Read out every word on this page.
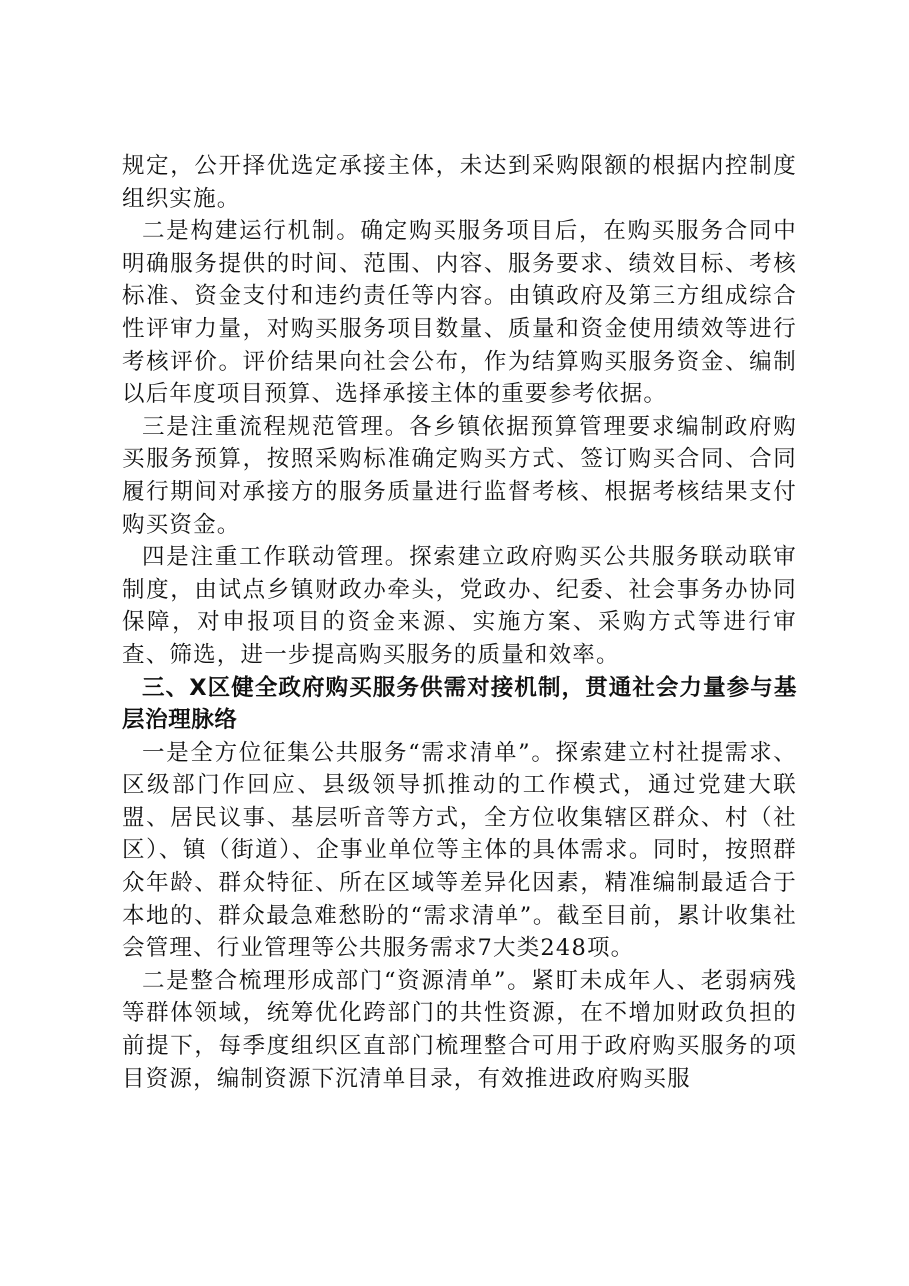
规定，公开择优选定承接主体，未达到采购限额的根据内控制度组织实施。

二是构建运行机制。确定购买服务项目后，在购买服务合同中明确服务提供的时间、范围、内容、服务要求、绩效目标、考核标准、资金支付和违约责任等内容。由镇政府及第三方组成综合性评审力量，对购买服务项目数量、质量和资金使用绩效等进行考核评价。评价结果向社会公布，作为结算购买服务资金、编制以后年度项目预算、选择承接主体的重要参考依据。

三是注重流程规范管理。各乡镇依据预算管理要求编制政府购买服务预算，按照采购标准确定购买方式、签订购买合同、合同履行期间对承接方的服务质量进行监督考核、根据考核结果支付购买资金。

四是注重工作联动管理。探索建立政府购买公共服务联动联审制度，由试点乡镇财政办牵头，党政办、纪委、社会事务办协同保障，对申报项目的资金来源、实施方案、采购方式等进行审查、筛选，进一步提高购买服务的质量和效率。

三、X区健全政府购买服务供需对接机制，贯通社会力量参与基层治理脉络

一是全方位征集公共服务“需求清单”。探索建立村社提需求、区级部门作回应、县级领导抓推动的工作模式，通过党建大联盟、居民议事、基层听音等方式，全方位收集辖区群众、村（社区）、镇（街道）、企事业单位等主体的具体需求。同时，按照群众年龄、群众特征、所在区域等差异化因素，精准编制最适合于本地的、群众最急难愁盼的“需求清单”。截至目前，累计收集社会管理、行业管理等公共服务需求7大类248项。

二是整合梳理形成部门“资源清单”。紧盯未成年人、老弱病残等群体领域，统筹优化跨部门的共性资源，在不增加财政负担的前提下，每季度组织区直部门梳理整合可用于政府购买服务的项目资源，编制资源下沉清单目录，有效推进政府购买服
